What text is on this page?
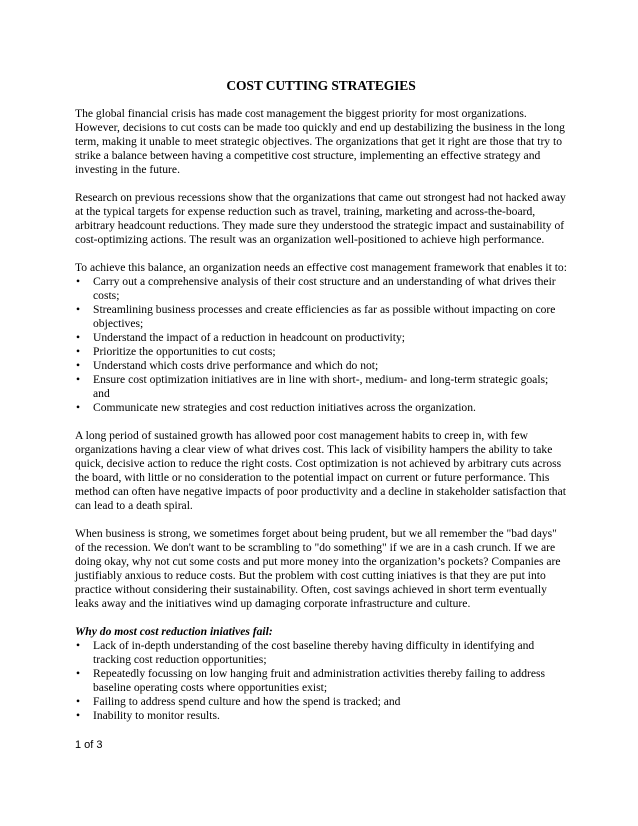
COST CUTTING STRATEGIES

The global financial crisis has made cost management the biggest priority for most organizations. However, decisions to cut costs can be made too quickly and end up destabilizing the business in the long term, making it unable to meet strategic objectives. The organizations that get it right are those that try to strike a balance between having a competitive cost structure, implementing an effective strategy and investing in the future.

Research on previous recessions show that the organizations that came out strongest had not hacked away at the typical targets for expense reduction such as travel, training, marketing and across-the-board, arbitrary headcount reductions. They made sure they understood the strategic impact and sustainability of cost-optimizing actions. The result was an organization well-positioned to achieve high performance.

To achieve this balance, an organization needs an effective cost management framework that enables it to:

• Carry out a comprehensive analysis of their cost structure and an understanding of what drives their costs;
• Streamlining business processes and create efficiencies as far as possible without impacting on core objectives;
• Understand the impact of a reduction in headcount on productivity;
• Prioritize the opportunities to cut costs;
• Understand which costs drive performance and which do not;
• Ensure cost optimization initiatives are in line with short-, medium- and long-term strategic goals; and
• Communicate new strategies and cost reduction initiatives across the organization.

A long period of sustained growth has allowed poor cost management habits to creep in, with few organizations having a clear view of what drives cost. This lack of visibility hampers the ability to take quick, decisive action to reduce the right costs. Cost optimization is not achieved by arbitrary cuts across the board, with little or no consideration to the potential impact on current or future performance. This method can often have negative impacts of poor productivity and a decline in stakeholder satisfaction that can lead to a death spiral.

When business is strong, we sometimes forget about being prudent, but we all remember the "bad days" of the recession. We don't want to be scrambling to "do something" if we are in a cash crunch. If we are doing okay, why not cut some costs and put more money into the organization’s pockets? Companies are justifiably anxious to reduce costs. But the problem with cost cutting iniatives is that they are put into practice without considering their sustainability. Often, cost savings achieved in short term eventually leaks away and the initiatives wind up damaging corporate infrastructure and culture.

Why do most cost reduction iniatives fail:

• Lack of in-depth understanding of the cost baseline thereby having difficulty in identifying and tracking cost reduction opportunities;
• Repeatedly focussing on low hanging fruit and administration activities thereby failing to address baseline operating costs where opportunities exist;
• Failing to address spend culture and how the spend is tracked; and
• Inability to monitor results.
1 of 3
